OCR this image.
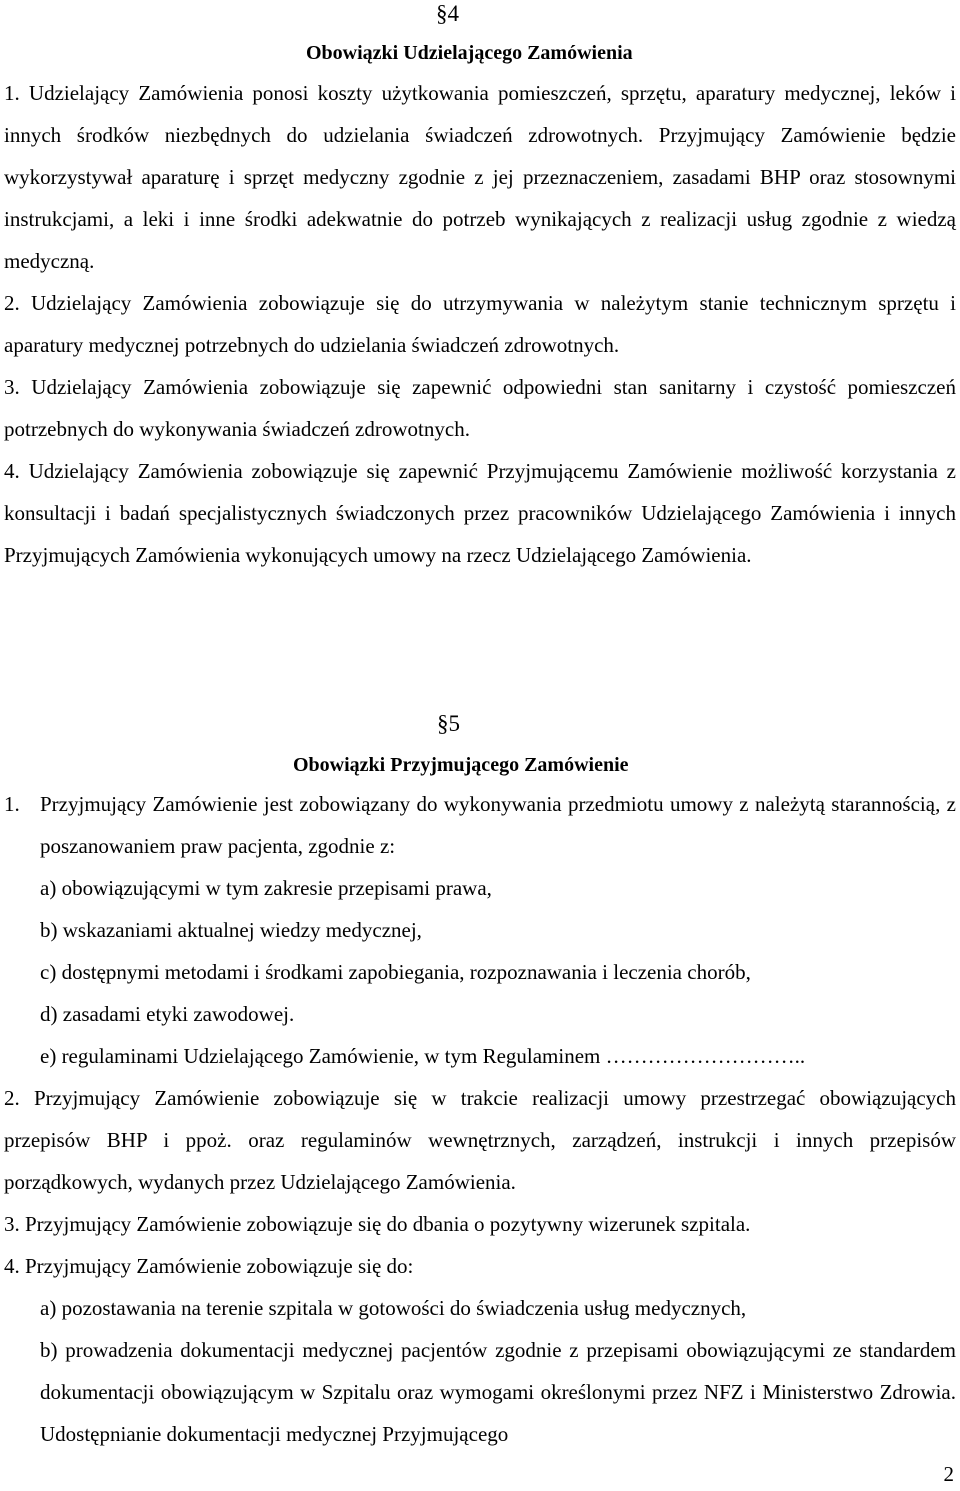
§4
Obowiązki Udzielającego Zamówienia

1. Udzielający Zamówienia ponosi koszty użytkowania pomieszczeń, sprzętu, aparatury medycznej, leków i innych środków niezbędnych do udzielania świadczeń zdrowotnych. Przyjmujący Zamówienie będzie wykorzystywał aparaturę i sprzęt medyczny zgodnie z jej przeznaczeniem, zasadami BHP oraz stosownymi instrukcjami, a leki i inne środki adekwatnie do potrzeb wynikających z realizacji usług zgodnie z wiedzą medyczną.

2. Udzielający Zamówienia zobowiązuje się do utrzymywania w należytym stanie technicznym sprzętu i aparatury medycznej potrzebnych do udzielania świadczeń zdrowotnych.

3. Udzielający Zamówienia zobowiązuje się zapewnić odpowiedni stan sanitarny i czystość pomieszczeń potrzebnych do wykonywania świadczeń zdrowotnych.

4. Udzielający Zamówienia zobowiązuje się zapewnić Przyjmującemu Zamówienie możliwość korzystania z konsultacji i badań specjalistycznych świadczonych przez pracowników Udzielającego Zamówienia i innych Przyjmujących Zamówienia wykonujących umowy na rzecz Udzielającego Zamówienia.

§5
Obowiązki Przyjmującego Zamówienie
1. Przyjmujący Zamówienie jest zobowiązany do wykonywania przedmiotu umowy z należytą starannością, z poszanowaniem praw pacjenta, zgodnie z:

a) obowiązującymi w tym zakresie przepisami prawa,

b) wskazaniami aktualnej wiedzy medycznej,

c) dostępnymi metodami i środkami zapobiegania, rozpoznawania i leczenia chorób,

d) zasadami etyki zawodowej.

e) regulaminami Udzielającego Zamówienie, w tym Regulaminem ………………………..

2. Przyjmujący Zamówienie zobowiązuje się w trakcie realizacji umowy przestrzegać obowiązujących przepisów BHP i ppoż. oraz regulaminów wewnętrznych, zarządzeń, instrukcji i innych przepisów porządkowych, wydanych przez Udzielającego Zamówienia.

3. Przyjmujący Zamówienie zobowiązuje się do dbania o pozytywny wizerunek szpitala.

4. Przyjmujący Zamówienie zobowiązuje się do:

a) pozostawania na terenie szpitala w gotowości do świadczenia usług medycznych,

b) prowadzenia dokumentacji medycznej pacjentów zgodnie z przepisami obowiązującymi ze standardem dokumentacji obowiązującym w Szpitalu oraz wymogami określonymi przez NFZ i Ministerstwo Zdrowia. Udostępnianie dokumentacji medycznej Przyjmującego

2
